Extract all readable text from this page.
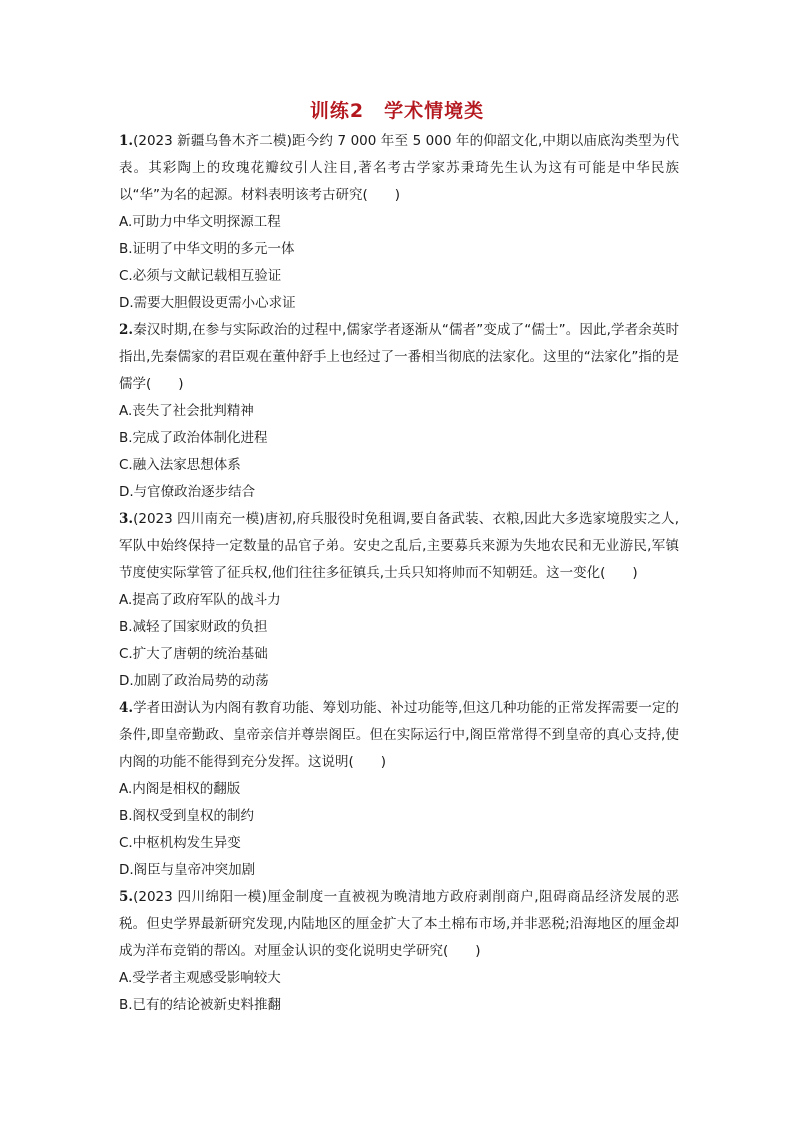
训练2　学术情境类

1.(2023 新疆乌鲁木齐二模)距今约 7 000 年至 5 000 年的仰韶文化,中期以庙底沟类型为代表。其彩陶上的玫瑰花瓣纹引人注目,著名考古学家苏秉琦先生认为这有可能是中华民族以“华”为名的起源。材料表明该考古研究(　　)

A.可助力中华文明探源工程

B.证明了中华文明的多元一体

C.必须与文献记载相互验证

D.需要大胆假设更需小心求证

2.秦汉时期,在参与实际政治的过程中,儒家学者逐渐从“儒者”变成了“儒士”。因此,学者余英时指出,先秦儒家的君臣观在董仲舒手上也经过了一番相当彻底的法家化。这里的“法家化”指的是儒学(　　)

A.丧失了社会批判精神

B.完成了政治体制化进程

C.融入法家思想体系

D.与官僚政治逐步结合

3.(2023 四川南充一模)唐初,府兵服役时免租调,要自备武装、衣粮,因此大多选家境殷实之人,军队中始终保持一定数量的品官子弟。安史之乱后,主要募兵来源为失地农民和无业游民,军镇节度使实际掌管了征兵权,他们往往多征镇兵,士兵只知将帅而不知朝廷。这一变化(　　)

A.提高了政府军队的战斗力

B.减轻了国家财政的负担

C.扩大了唐朝的统治基础

D.加剧了政治局势的动荡

4.学者田澍认为内阁有教育功能、筹划功能、补过功能等,但这几种功能的正常发挥需要一定的条件,即皇帝勤政、皇帝亲信并尊崇阁臣。但在实际运行中,阁臣常常得不到皇帝的真心支持,使内阁的功能不能得到充分发挥。这说明(　　)

A.内阁是相权的翻版

B.阁权受到皇权的制约

C.中枢机构发生异变

D.阁臣与皇帝冲突加剧

5.(2023 四川绵阳一模)厘金制度一直被视为晚清地方政府剥削商户,阻碍商品经济发展的恶税。但史学界最新研究发现,内陆地区的厘金扩大了本土棉布市场,并非恶税;沿海地区的厘金却成为洋布竞销的帮凶。对厘金认识的变化说明史学研究(　　)

A.受学者主观感受影响较大

B.已有的结论被新史料推翻
